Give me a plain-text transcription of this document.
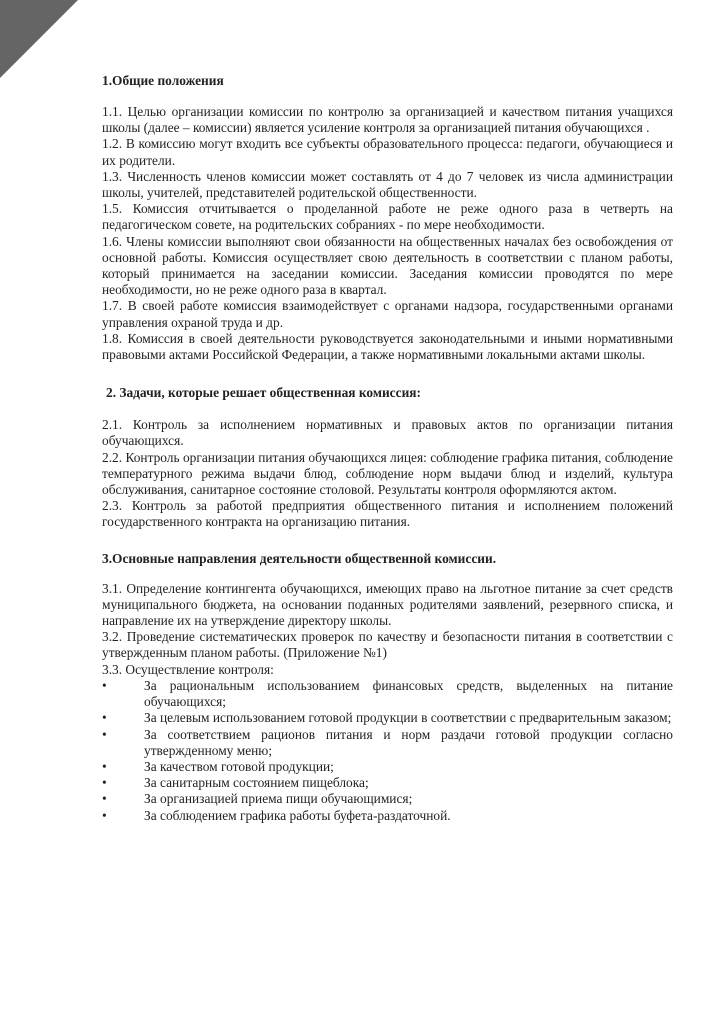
1.Общие положения

1.1. Целью организации комиссии по контролю за организацией и качеством питания учащихся школы (далее – комиссии) является усиление контроля за организацией питания обучающихся .

1.2. В комиссию могут входить все субъекты образовательного процесса: педагоги, обучающиеся и их родители.

1.3. Численность членов комиссии может составлять от 4 до 7 человек из числа администрации школы, учителей, представителей родительской общественности.

1.5. Комиссия отчитывается о проделанной работе не реже одного раза в четверть на педагогическом совете, на родительских собраниях - по мере необходимости.

1.6. Члены комиссии выполняют свои обязанности на общественных началах без освобождения от основной работы. Комиссия осуществляет свою деятельность в соответствии с планом работы, который принимается на заседании комиссии. Заседания комиссии проводятся по мере необходимости, но не реже одного раза в квартал.

1.7. В своей работе комиссия взаимодействует с органами надзора, государственными органами управления охраной труда и др.

1.8. Комиссия в своей деятельности руководствуется законодательными и иными нормативными правовыми актами Российской Федерации, а также нормативными локальными актами школы.

2. Задачи, которые решает общественная комиссия:

2.1. Контроль за исполнением нормативных и правовых актов по организации питания обучающихся.

2.2. Контроль организации питания обучающихся лицея: соблюдение графика питания, соблюдение температурного режима выдачи блюд, соблюдение норм выдачи блюд и изделий, культура обслуживания, санитарное состояние столовой. Результаты контроля оформляются актом.

2.3. Контроль за работой предприятия общественного питания и исполнением положений государственного контракта на организацию питания.

3.Основные направления деятельности общественной комиссии.

3.1. Определение контингента обучающихся, имеющих право на льготное питание за счет средств муниципального бюджета, на основании поданных родителями заявлений, резервного списка, и направление их на утверждение директору школы.

3.2. Проведение систематических проверок по качеству и безопасности питания в соответствии с утвержденным планом работы. (Приложение №1)

3.3. Осуществление контроля:

•	За рациональным использованием финансовых средств, выделенных на питание обучающихся;
•	За целевым использованием готовой продукции в соответствии с предварительным заказом;
•	За соответствием рационов питания и норм раздачи готовой продукции согласно утвержденному меню;
•	За качеством готовой продукции;
•	За санитарным состоянием пищеблока;
•	За организацией приема пищи обучающимися;
•	За соблюдением графика работы буфета-раздаточной.
